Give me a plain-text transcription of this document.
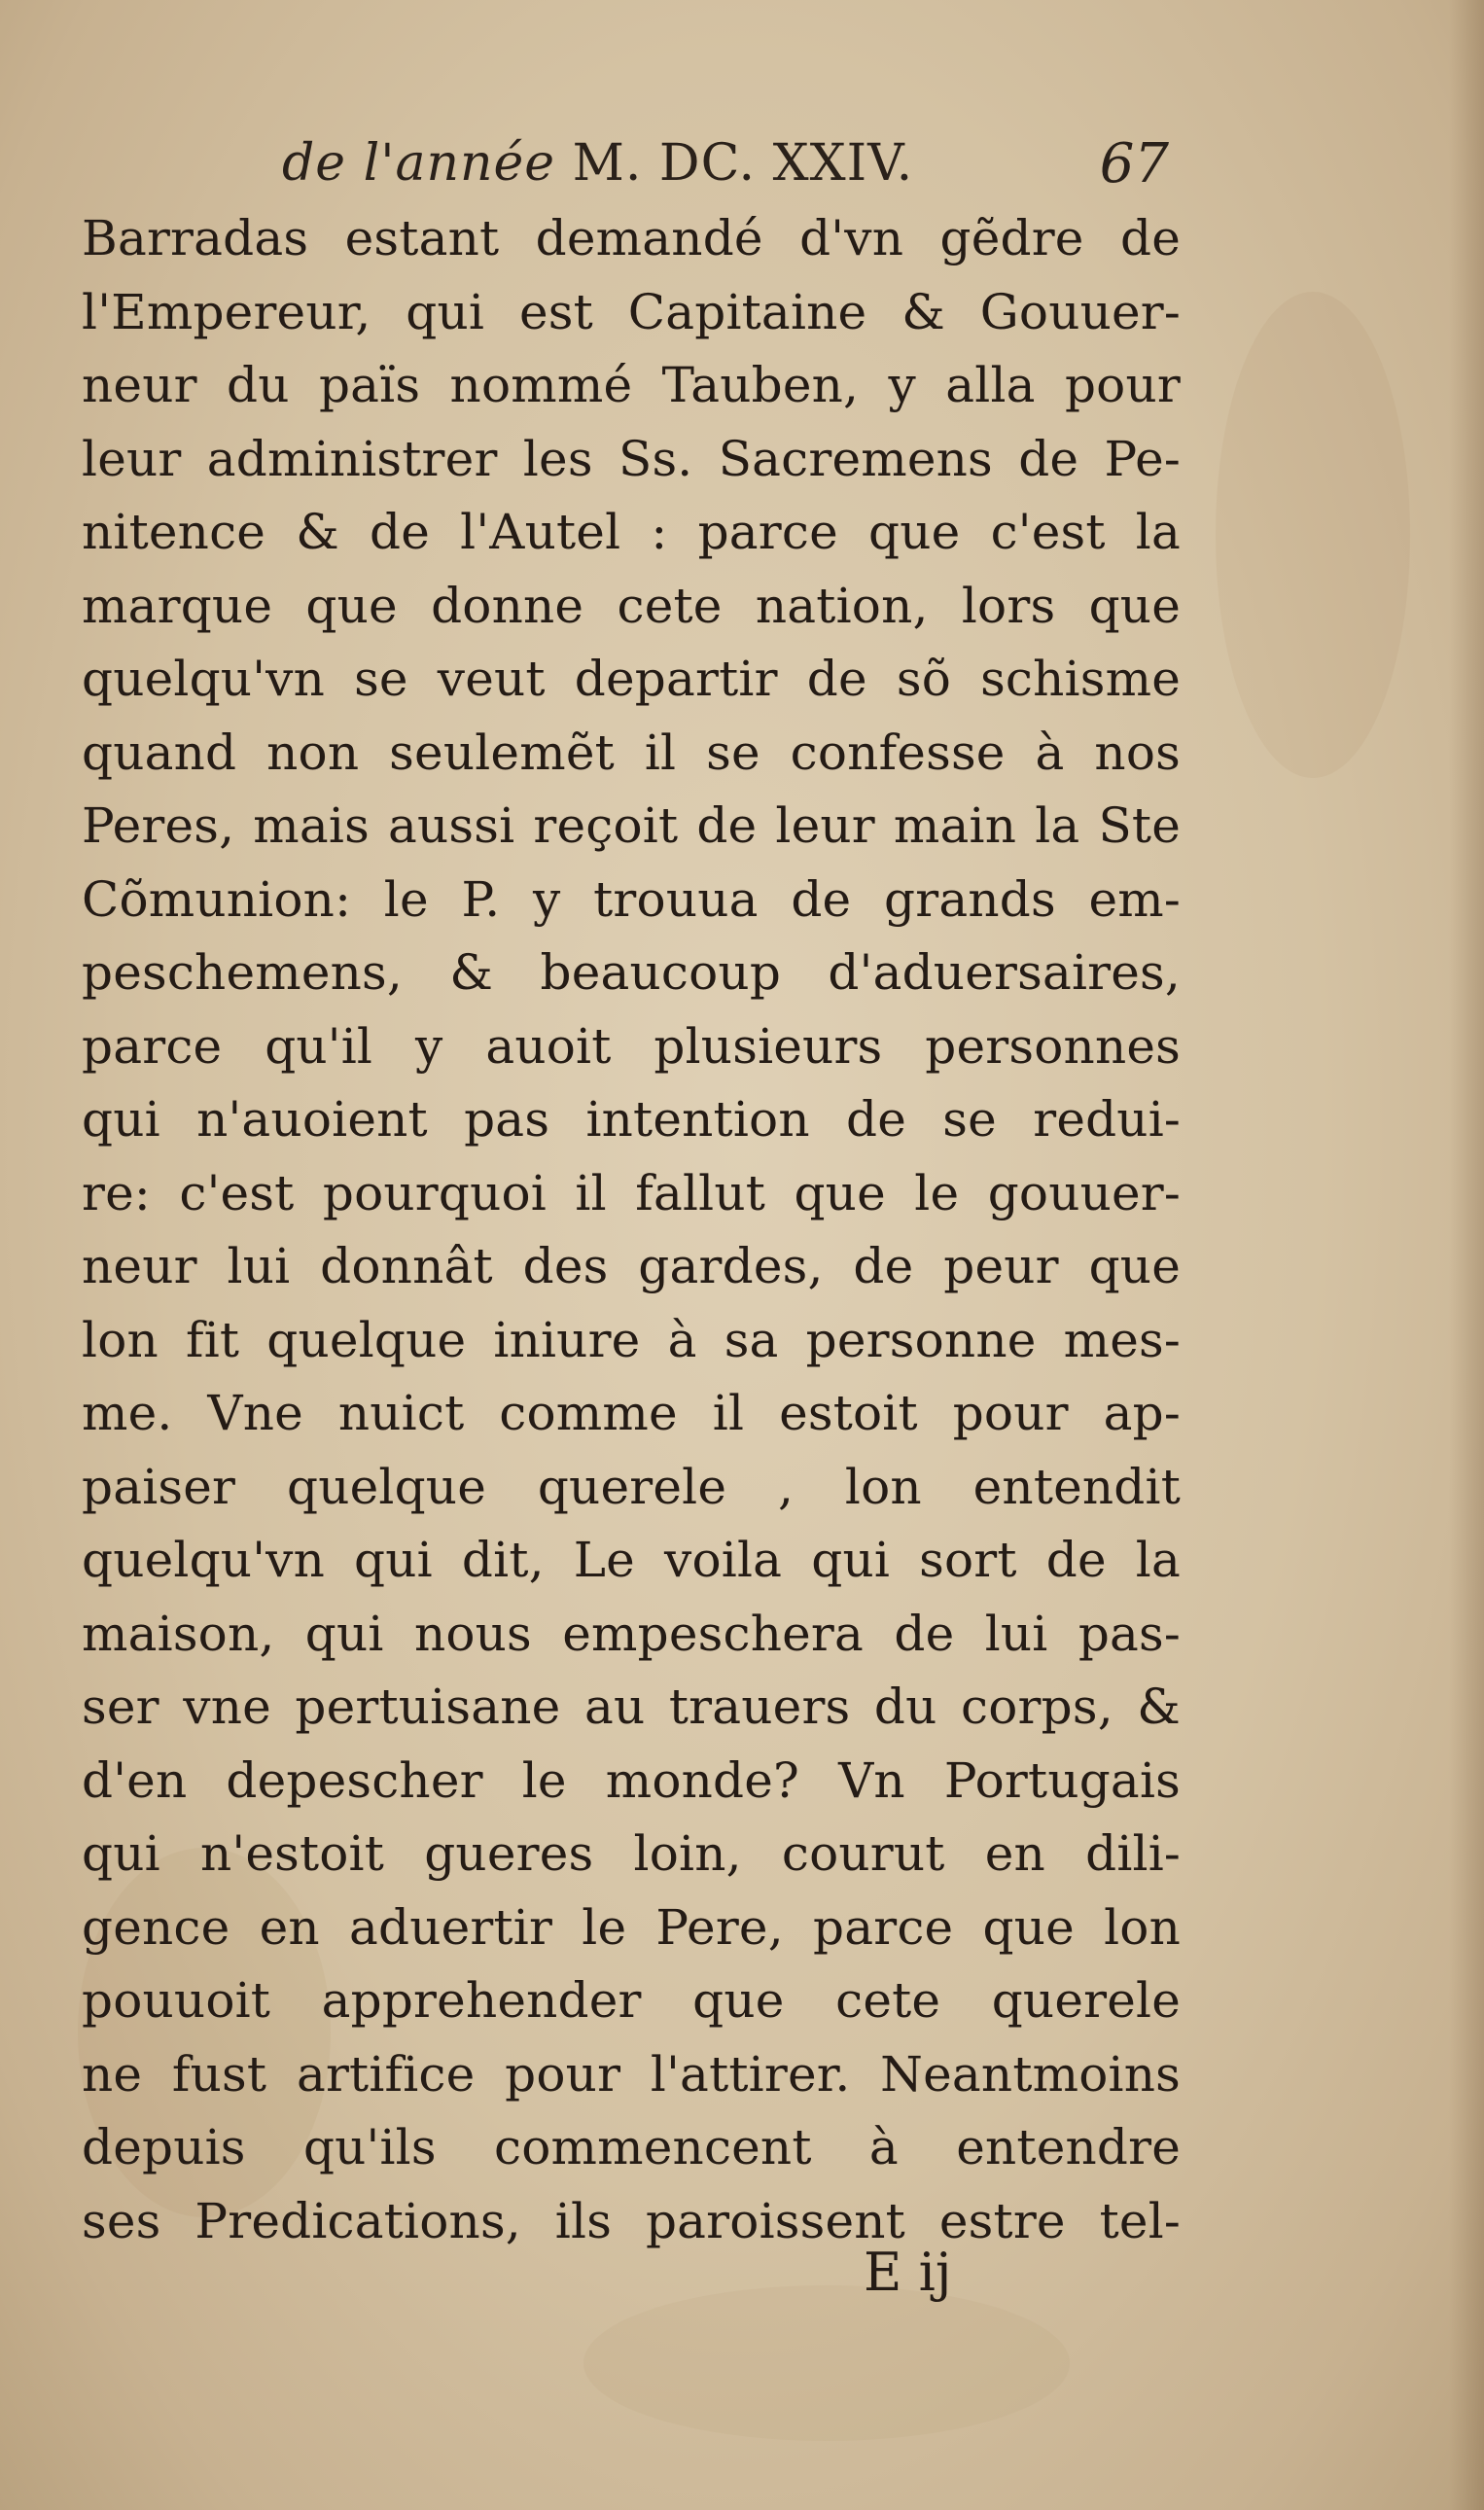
de l'année M. DC. XXIV.	67
Barradas estant demandé d'vn gẽdre de
l'Empereur, qui est Capitaine & Gouuer-
neur du païs nommé Tauben, y alla pour
leur administrer les Ss. Sacremens de Pe-
nitence & de l'Autel : parce que c'est la
marque que donne cete nation, lors que
quelqu'vn se veut departir de sõ schisme
quand non seulemẽt il se confesse à nos
Peres, mais aussi reçoit de leur main la Ste
Cõmunion: le P. y trouua de grands em-
peschemens, & beaucoup d'aduersaires,
parce qu'il y auoit plusieurs personnes
qui n'auoient pas intention de se redui-
re: c'est pourquoi il fallut que le gouuer-
neur lui donnât des gardes, de peur que
lon fit quelque iniure à sa personne mes-
me. Vne nuict comme il estoit pour ap-
paiser quelque querele , lon entendit
quelqu'vn qui dit, Le voila qui sort de la
maison, qui nous empeschera de lui pas-
ser vne pertuisane au trauers du corps, &
d'en depescher le monde? Vn Portugais
qui n'estoit gueres loin, courut en dili-
gence en aduertir le Pere, parce que lon
pouuoit apprehender que cete querele
ne fust artifice pour l'attirer. Neantmoins
depuis qu'ils commencent à entendre
ses Predications, ils paroissent estre tel-
E ij
